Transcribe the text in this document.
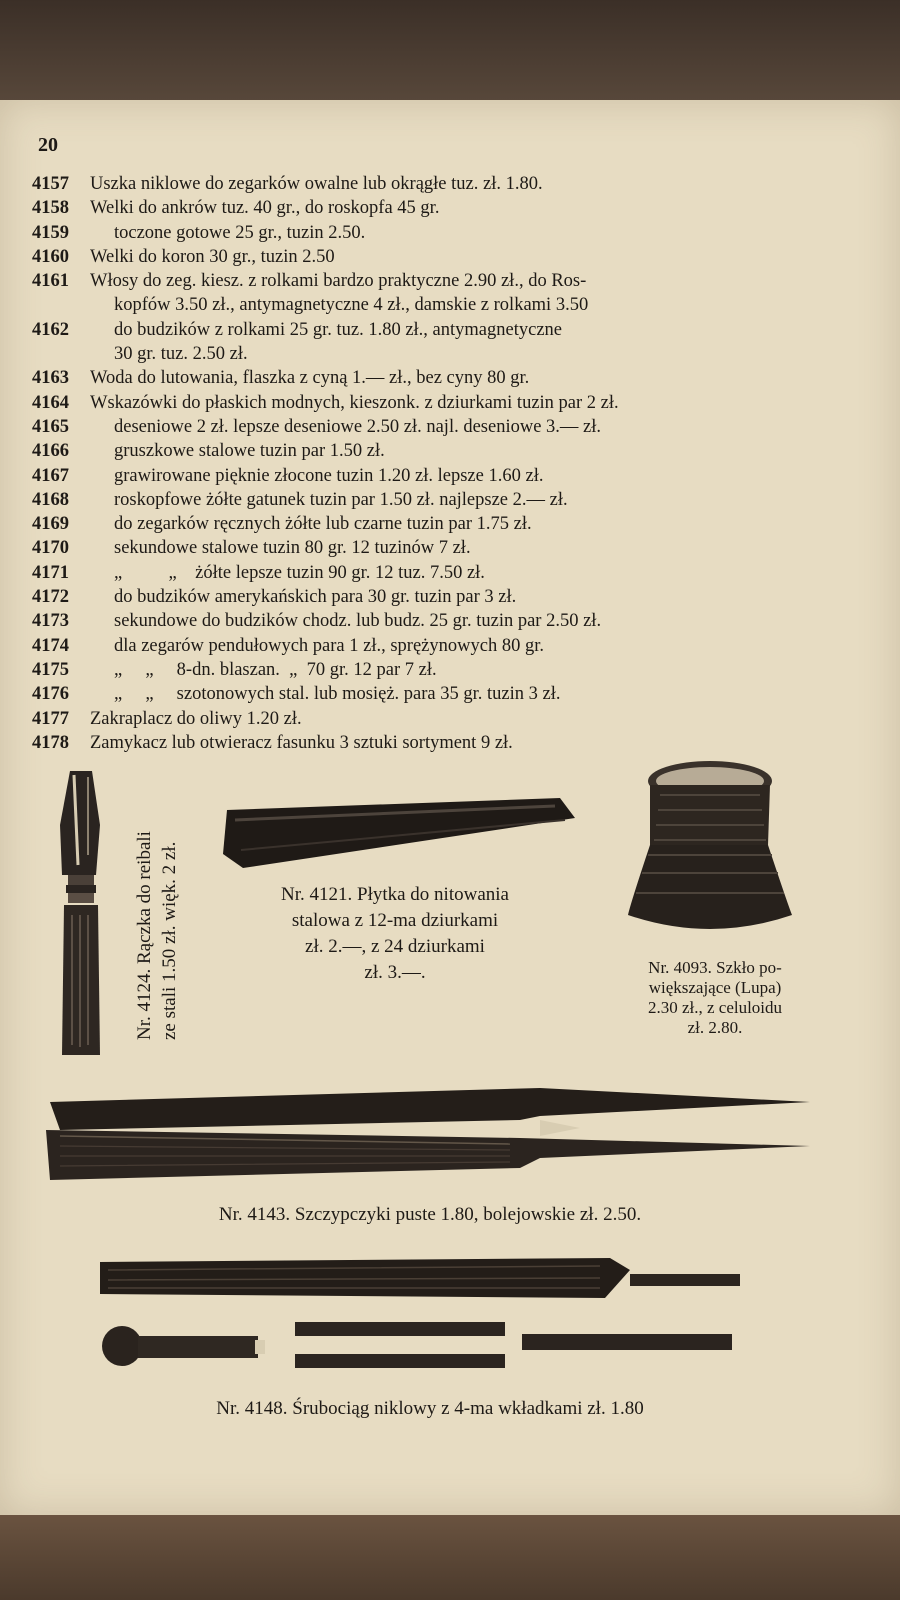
20
4157	Uszka niklowe do zegarków owalne lub okrągłe tuz. zł. 1.80.
4158	Welki do ankrów tuz. 40 gr., do roskopfa 45 gr.
4159	toczone gotowe 25 gr., tuzin 2.50.
4160	Welki do koron 30 gr., tuzin 2.50
4161	Włosy do zeg. kiesz. z rolkami bardzo praktyczne 2.90 zł., do Ros-
kopfów 3.50 zł., antymagnetyczne 4 zł., damskie z rolkami 3.50
4162	do budzików z rolkami 25 gr. tuz. 1.80 zł., antymagnetyczne
30 gr. tuz. 2.50 zł.
4163	Woda do lutowania, flaszka z cyną 1.— zł., bez cyny 80 gr.
4164	Wskazówki do płaskich modnych, kieszonk. z dziurkami tuzin par 2 zł.
4165	deseniowe 2 zł. lepsze deseniowe 2.50 zł. najl. deseniowe 3.— zł.
4166	gruszkowe stalowe tuzin par 1.50 zł.
4167	grawirowane pięknie złocone tuzin 1.20 zł. lepsze 1.60 zł.
4168	roskopfowe żółte gatunek tuzin par 1.50 zł. najlepsze 2.— zł.
4169	do zegarków ręcznych żółte lub czarne tuzin par 1.75 zł.
4170	sekundowe stalowe tuzin 80 gr. 12 tuzinów 7 zł.
4171	„          „    żółte lepsze tuzin 90 gr. 12 tuz. 7.50 zł.
4172	do budzików amerykańskich para 30 gr. tuzin par 3 zł.
4173	sekundowe do budzików chodz. lub budz. 25 gr. tuzin par 2.50 zł.
4174	dla zegarów pendułowych para 1 zł., sprężynowych 80 gr.
4175	„     „     8-dn. blaszan.  „  70 gr. 12 par 7 zł.
4176	„     „     szotonowych stal. lub mosięż. para 35 gr. tuzin 3 zł.
4177	Zakraplacz do oliwy 1.20 zł.
4178	Zamykacz lub otwieracz fasunku 3 sztuki sortyment 9 zł.
Nr. 4124. Rączka do reibali ze stali 1.50 zł. więk. 2 zł.	Nr. 4121. Płytka do nitowania
stalowa z 12-ma dziurkami
zł. 2.—, z 24 dziurkami
zł. 3.—.	Nr. 4093. Szkło po-
większające (Lupa)
2.30 zł., z celuloidu
zł. 2.80.
Nr. 4143. Szczypczyki puste 1.80, bolejowskie zł. 2.50.
Nr. 4148. Śrubociąg niklowy z 4-ma wkładkami zł. 1.80
